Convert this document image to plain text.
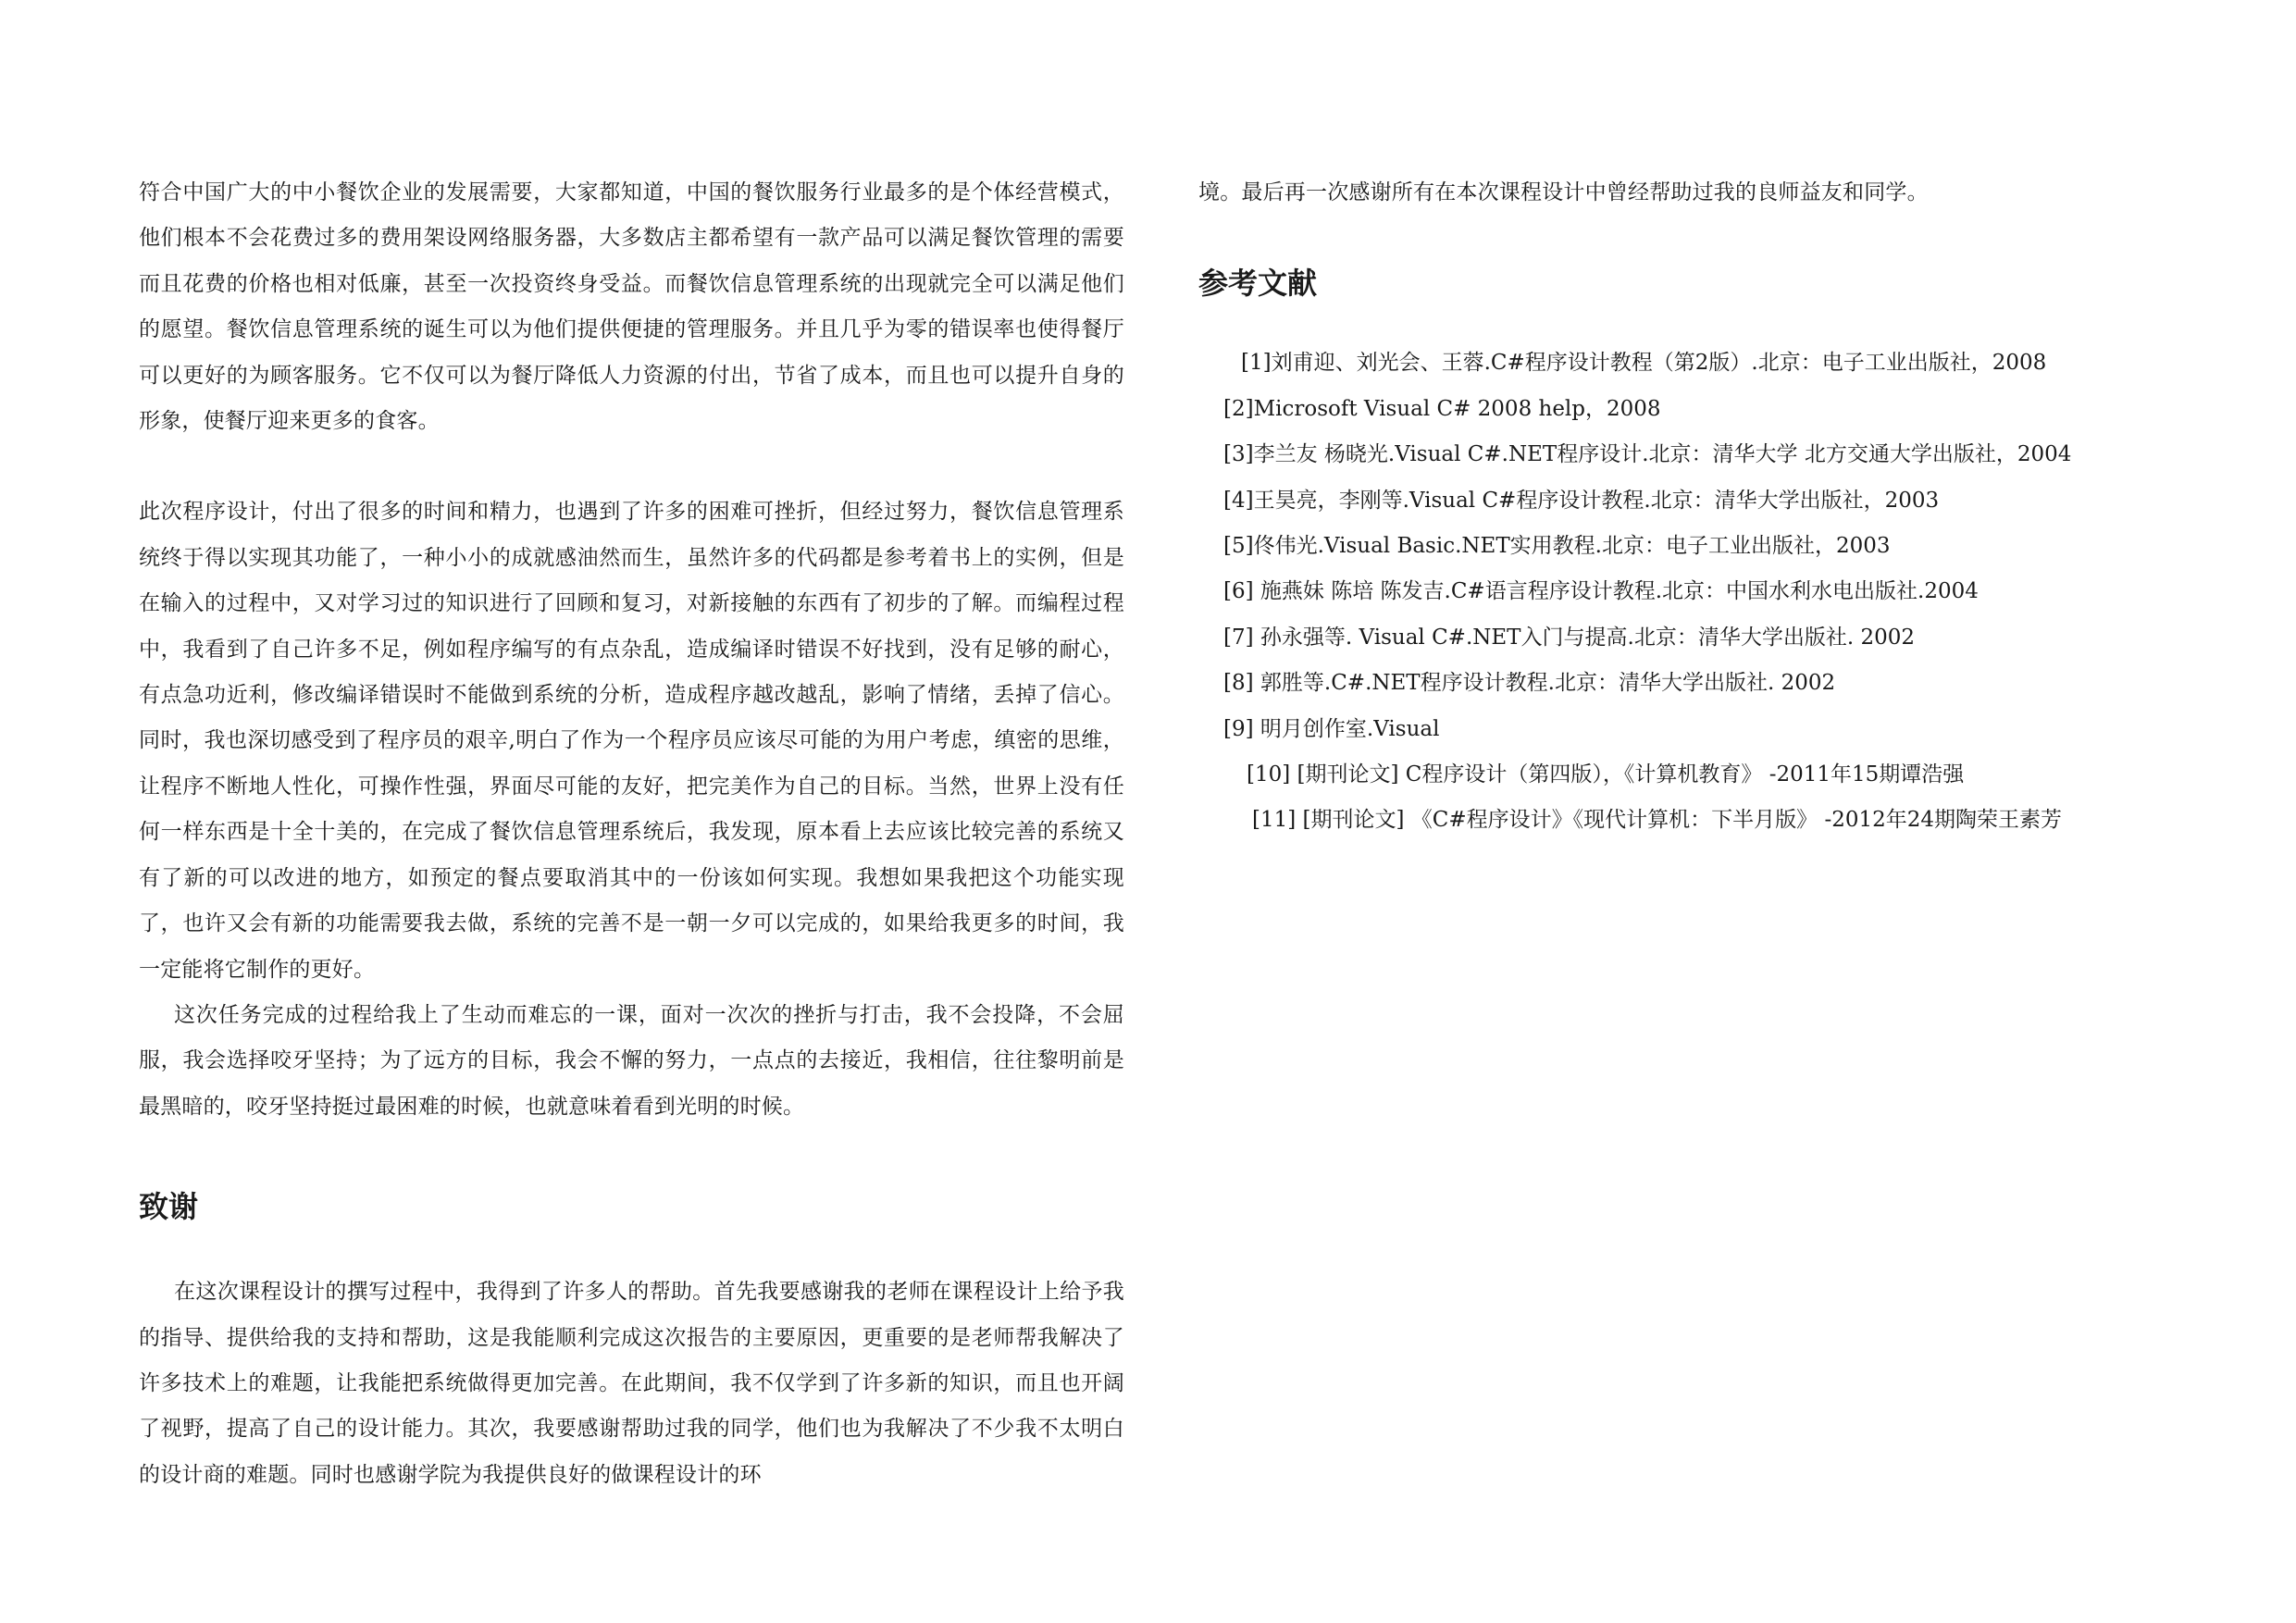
符合中国广大的中小餐饮企业的发展需要，大家都知道，中国的餐饮服务行业最多的是个体经营模式，他们根本不会花费过多的费用架设网络服务器，大多数店主都希望有一款产品可以满足餐饮管理的需要而且花费的价格也相对低廉，甚至一次投资终身受益。而餐饮信息管理系统的出现就完全可以满足他们的愿望。餐饮信息管理系统的诞生可以为他们提供便捷的管理服务。并且几乎为零的错误率也使得餐厅可以更好的为顾客服务。它不仅可以为餐厅降低人力资源的付出，节省了成本，而且也可以提升自身的形象，使餐厅迎来更多的食客。

此次程序设计，付出了很多的时间和精力，也遇到了许多的困难可挫折，但经过努力，餐饮信息管理系统终于得以实现其功能了，一种小小的成就感油然而生，虽然许多的代码都是参考着书上的实例，但是在输入的过程中，又对学习过的知识进行了回顾和复习，对新接触的东西有了初步的了解。而编程过程中，我看到了自己许多不足，例如程序编写的有点杂乱，造成编译时错误不好找到，没有足够的耐心，有点急功近利，修改编译错误时不能做到系统的分析，造成程序越改越乱，影响了情绪，丢掉了信心。同时，我也深切感受到了程序员的艰辛,明白了作为一个程序员应该尽可能的为用户考虑，缜密的思维，让程序不断地人性化，可操作性强，界面尽可能的友好，把完美作为自己的目标。当然，世界上没有任何一样东西是十全十美的，在完成了餐饮信息管理系统后，我发现，原本看上去应该比较完善的系统又有了新的可以改进的地方，如预定的餐点要取消其中的一份该如何实现。我想如果我把这个功能实现了，也许又会有新的功能需要我去做，系统的完善不是一朝一夕可以完成的，如果给我更多的时间，我一定能将它制作的更好。

这次任务完成的过程给我上了生动而难忘的一课，面对一次次的挫折与打击，我不会投降，不会屈服，我会选择咬牙坚持；为了远方的目标，我会不懈的努力，一点点的去接近，我相信，往往黎明前是最黑暗的，咬牙坚持挺过最困难的时候，也就意味着看到光明的时候。

致谢

在这次课程设计的撰写过程中，我得到了许多人的帮助。首先我要感谢我的老师在课程设计上给予我的指导、提供给我的支持和帮助，这是我能顺利完成这次报告的主要原因，更重要的是老师帮我解决了许多技术上的难题，让我能把系统做得更加完善。在此期间，我不仅学到了许多新的知识，而且也开阔了视野，提高了自己的设计能力。其次，我要感谢帮助过我的同学，他们也为我解决了不少我不太明白的设计商的难题。同时也感谢学院为我提供良好的做课程设计的环

境。最后再一次感谢所有在本次课程设计中曾经帮助过我的良师益友和同学。

参考文献
[1]刘甫迎、刘光会、王蓉.C#程序设计教程（第2版）.北京：电子工业出版社，2008
[2]Microsoft Visual C# 2008 help，2008
[3]李兰友 杨晓光.Visual C#.NET程序设计.北京：清华大学 北方交通大学出版社，2004
[4]王昊亮，李刚等.Visual C#程序设计教程.北京：清华大学出版社，2003
[5]佟伟光.Visual Basic.NET实用教程.北京：电子工业出版社，2003
[6] 施燕妹 陈培 陈发吉.C#语言程序设计教程.北京：中国水利水电出版社.2004
[7] 孙永强等. Visual C#.NET入门与提高.北京：清华大学出版社. 2002
[8] 郭胜等.C#.NET程序设计教程.北京：清华大学出版社. 2002
[9] 明月创作室.Visual
[10] [期刊论文] C程序设计（第四版），《计算机教育》 -2011年15期谭浩强
[11] [期刊论文] 《C#程序设计》《现代计算机：下半月版》 -2012年24期陶荣王素芳
